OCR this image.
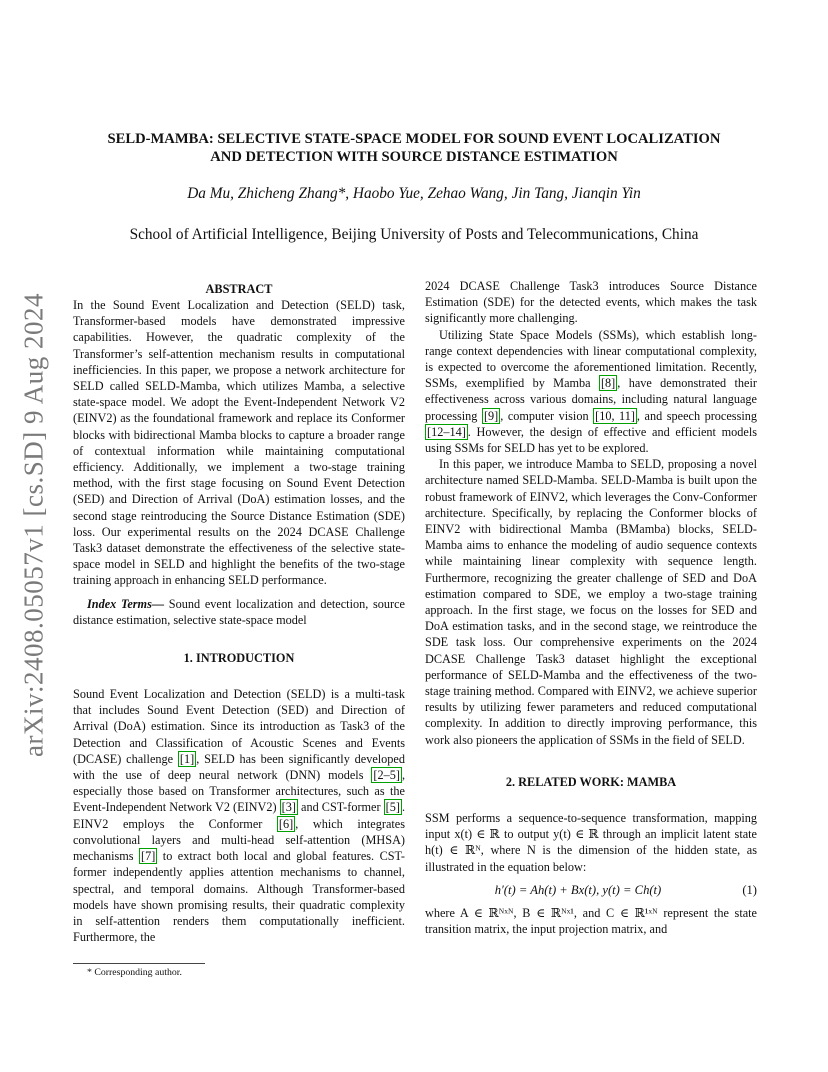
arXiv:2408.05057v1 [cs.SD] 9 Aug 2024
SELD-MAMBA: SELECTIVE STATE-SPACE MODEL FOR SOUND EVENT LOCALIZATION
AND DETECTION WITH SOURCE DISTANCE ESTIMATION
Da Mu, Zhicheng Zhang*, Haobo Yue, Zehao Wang, Jin Tang, Jianqin Yin
School of Artificial Intelligence, Beijing University of Posts and Telecommunications, China
ABSTRACT

In the Sound Event Localization and Detection (SELD) task, Transformer-based models have demonstrated impressive capabilities. However, the quadratic complexity of the Transformer’s self-attention mechanism results in computational inefficiencies. In this paper, we propose a network architecture for SELD called SELD-Mamba, which utilizes Mamba, a selective state-space model. We adopt the Event-Independent Network V2 (EINV2) as the foundational framework and replace its Conformer blocks with bidirectional Mamba blocks to capture a broader range of contextual information while maintaining computational efficiency. Additionally, we implement a two-stage training method, with the first stage focusing on Sound Event Detection (SED) and Direction of Arrival (DoA) estimation losses, and the second stage reintroducing the Source Distance Estimation (SDE) loss. Our experimental results on the 2024 DCASE Challenge Task3 dataset demonstrate the effectiveness of the selective state-space model in SELD and highlight the benefits of the two-stage training approach in enhancing SELD performance.

Index Terms— Sound event localization and detection, source distance estimation, selective state-space model

1. INTRODUCTION

Sound Event Localization and Detection (SELD) is a multi-task that includes Sound Event Detection (SED) and Direction of Arrival (DoA) estimation. Since its introduction as Task3 of the Detection and Classification of Acoustic Scenes and Events (DCASE) challenge [1] , SELD has been significantly developed with the use of deep neural network (DNN) models [2–5] , especially those based on Transformer architectures, such as the Event-Independent Network V2 (EINV2) [3] and CST-former [5] . EINV2 employs the Conformer [6] , which integrates convolutional layers and multi-head self-attention (MHSA) mechanisms [7] to extract both local and global features. CST-former independently applies attention mechanisms to channel, spectral, and temporal domains. Although Transformer-based models have shown promising results, their quadratic complexity in self-attention renders them computationally inefficient. Furthermore, the

2024 DCASE Challenge Task3 introduces Source Distance Estimation (SDE) for the detected events, which makes the task significantly more challenging.

Utilizing State Space Models (SSMs), which establish long-range context dependencies with linear computational complexity, is expected to overcome the aforementioned limitation. Recently, SSMs, exemplified by Mamba [8] , have demonstrated their effectiveness across various domains, including natural language processing [9] , computer vision [10, 11] , and speech processing [12–14] . However, the design of effective and efficient models using SSMs for SELD has yet to be explored.

In this paper, we introduce Mamba to SELD, proposing a novel architecture named SELD-Mamba. SELD-Mamba is built upon the robust framework of EINV2, which leverages the Conv-Conformer architecture. Specifically, by replacing the Conformer blocks of EINV2 with bidirectional Mamba (BMamba) blocks, SELD-Mamba aims to enhance the modeling of audio sequence contexts while maintaining linear complexity with sequence length. Furthermore, recognizing the greater challenge of SED and DoA estimation compared to SDE, we employ a two-stage training approach. In the first stage, we focus on the losses for SED and DoA estimation tasks, and in the second stage, we reintroduce the SDE task loss. Our comprehensive experiments on the 2024 DCASE Challenge Task3 dataset highlight the exceptional performance of SELD-Mamba and the effectiveness of the two-stage training method. Compared with EINV2, we achieve superior results by utilizing fewer parameters and reduced computational complexity. In addition to directly improving performance, this work also pioneers the application of SSMs in the field of SELD.

2. RELATED WORK: MAMBA

SSM performs a sequence-to-sequence transformation, mapping input x(t) ∈ ℝ to output y(t) ∈ ℝ through an implicit latent state h(t) ∈ ℝᴺ, where N is the dimension of the hidden state, as illustrated in the equation below:

h′(t) = Ah(t) + Bx(t), y(t) = Ch(t)	(1)

where A ∈ ℝᴺˣᴺ, B ∈ ℝᴺˣ¹, and C ∈ ℝ¹ˣᴺ represent the state transition matrix, the input projection matrix, and

* Corresponding author.
